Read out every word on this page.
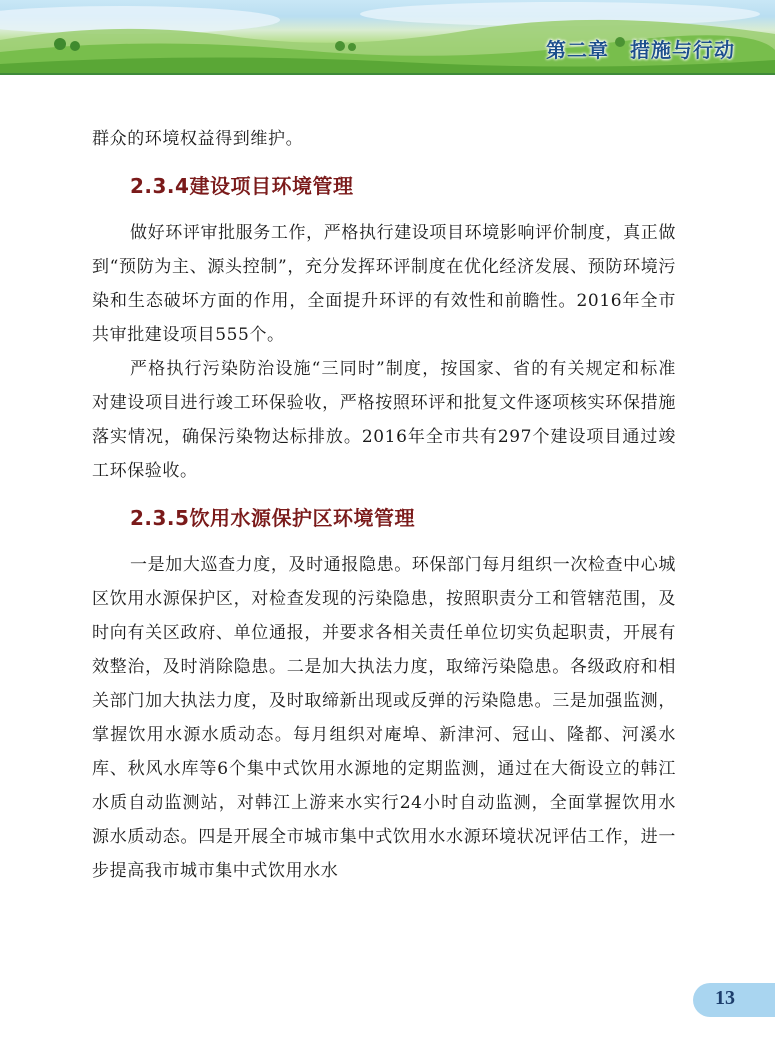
第二章　措施与行动

群众的环境权益得到维护。

2.3.4建设项目环境管理

做好环评审批服务工作，严格执行建设项目环境影响评价制度，真正做到“预防为主、源头控制”，充分发挥环评制度在优化经济发展、预防环境污染和生态破坏方面的作用，全面提升环评的有效性和前瞻性。2016年全市共审批建设项目555个。

严格执行污染防治设施“三同时”制度，按国家、省的有关规定和标准对建设项目进行竣工环保验收，严格按照环评和批复文件逐项核实环保措施落实情况，确保污染物达标排放。2016年全市共有297个建设项目通过竣工环保验收。

2.3.5饮用水源保护区环境管理

一是加大巡查力度，及时通报隐患。环保部门每月组织一次检查中心城区饮用水源保护区，对检查发现的污染隐患，按照职责分工和管辖范围，及时向有关区政府、单位通报，并要求各相关责任单位切实负起职责，开展有效整治，及时消除隐患。二是加大执法力度，取缔污染隐患。各级政府和相关部门加大执法力度，及时取缔新出现或反弹的污染隐患。三是加强监测，掌握饮用水源水质动态。每月组织对庵埠、新津河、冠山、隆都、河溪水库、秋风水库等6个集中式饮用水源地的定期监测，通过在大衙设立的韩江水质自动监测站，对韩江上游来水实行24小时自动监测，全面掌握饮用水源水质动态。四是开展全市城市集中式饮用水水源环境状况评估工作，进一步提高我市城市集中式饮用水水

13
